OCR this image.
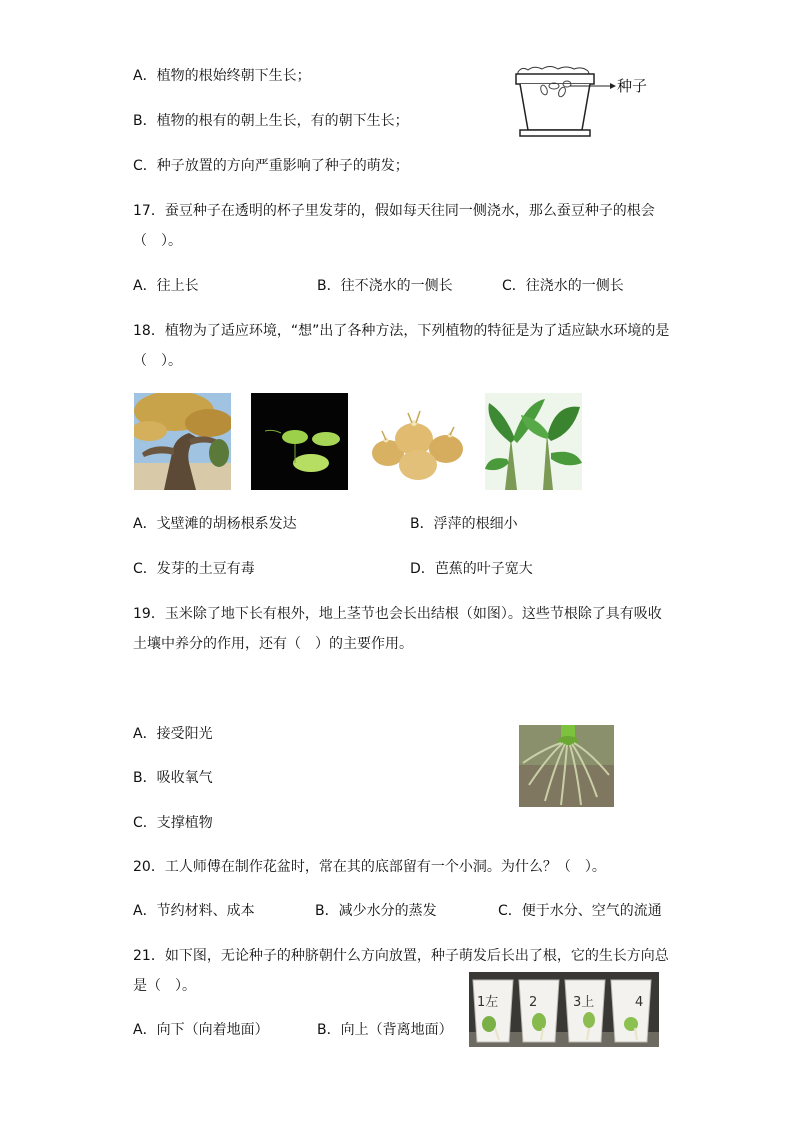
A．植物的根始终朝下生长；
B．植物的根有的朝上生长，有的朝下生长；
C．种子放置的方向严重影响了种子的萌发；
种子
17．蚕豆种子在透明的杯子里发芽的，假如每天往同一侧浇水，那么蚕豆种子的根会
（　）。
A．往上长	B．往不浇水的一侧长	C．往浇水的一侧长
18．植物为了适应环境，“想”出了各种方法，下列植物的特征是为了适应缺水环境的是
（　）。
A．戈壁滩的胡杨根系发达	B．浮萍的根细小
C．发芽的土豆有毒	D．芭蕉的叶子宽大
19．玉米除了地下长有根外，地上茎节也会长出结根（如图）。这些节根除了具有吸收
土壤中养分的作用，还有（　）的主要作用。
A．接受阳光
B．吸收氧气
C．支撑植物
20．工人师傅在制作花盆时，常在其的底部留有一个小洞。为什么？（　）。
A．节约材料、成本	B．减少水分的蒸发	C．便于水分、空气的流通
21．如下图，无论种子的种脐朝什么方向放置，种子萌发后长出了根，它的生长方向总
是（　）。
A．向下（向着地面）	B．向上（背离地面）
1左 2	3上	4
